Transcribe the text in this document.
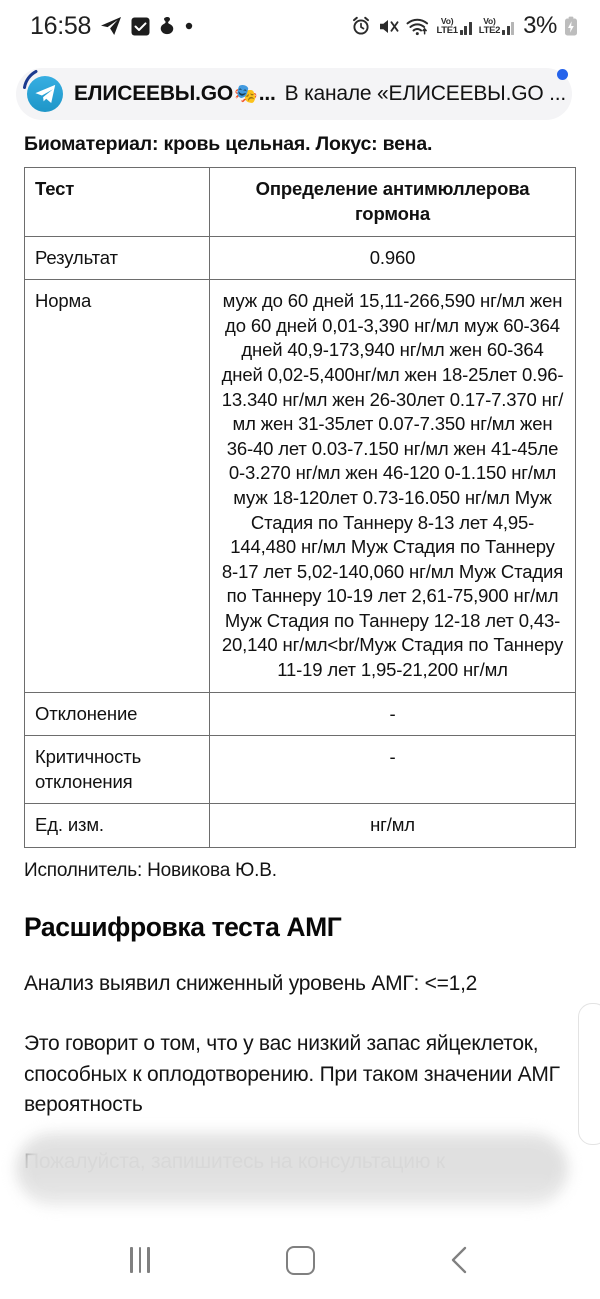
16:58	Vo)
LTE1
Vo)
LTE2 3%
ЕЛИСЕЕВЫ.GO 🎭 ... В канале «ЕЛИСЕЕВЫ.GO ...
Биоматериал: кровь цельная. Локус: вена.
Тест	Определение антимюллерова гормона
Результат	0.960
Норма	муж до 60 дней 15,11-266,590 нг/мл жен до 60 дней 0,01-3,390 нг/мл муж 60-364 дней 40,9-173,940 нг/мл жен 60-364 дней 0,02-5,400нг/мл жен 18-25лет 0.96-13.340 нг/мл жен 26-30лет 0.17-7.370 нг/мл жен 31-35лет 0.07-7.350 нг/мл жен 36-40 лет 0.03-7.150 нг/мл жен 41-45ле 0-3.270 нг/мл жен 46-120 0-1.150 нг/мл муж 18-120лет 0.73-16.050 нг/мл Муж Стадия по Таннеру 8-13 лет 4,95-144,480 нг/мл Муж Стадия по Таннеру 8-17 лет 5,02-140,060 нг/мл Муж Стадия по Таннеру 10-19 лет 2,61-75,900 нг/мл Муж Стадия по Таннеру 12-18 лет 0,43-20,140 нг/мл<br/Муж Стадия по Таннеру 11-19 лет 1,95-21,200 нг/мл
Отклонение	-
Критичность отклонения	-
Ед. изм.	нг/мл
Исполнитель: Новикова Ю.В.
Расшифровка теста АМГ

Анализ выявил сниженный уровень АМГ: <=1,2

Это говорит о том, что у вас низкий запас яйцеклеток, способных к оплодотворению. При таком значении АМГ вероятность
